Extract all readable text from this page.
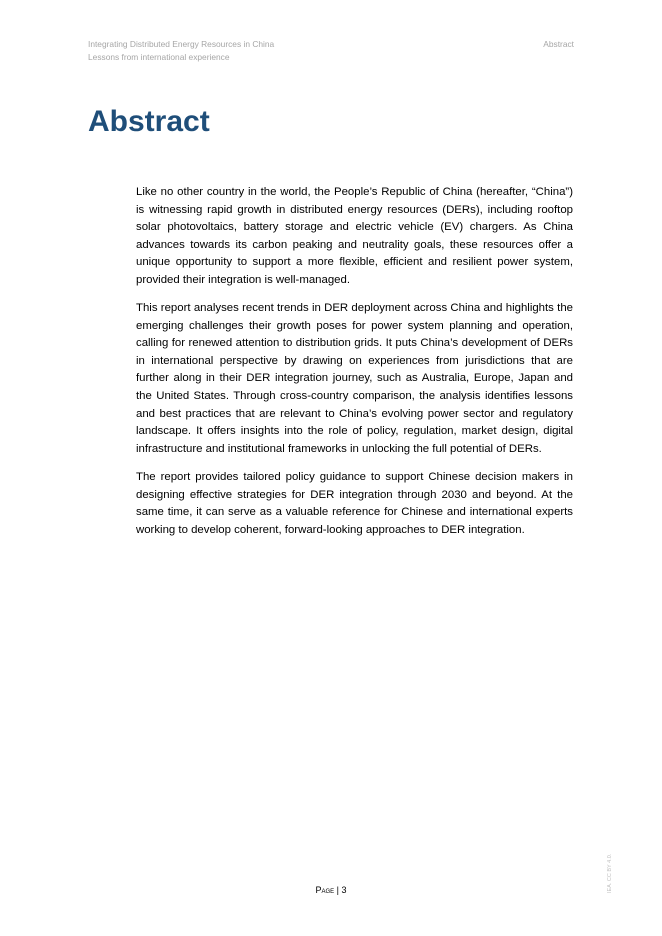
Integrating Distributed Energy Resources in China
Lessons from international experience
Abstract
Abstract

Like no other country in the world, the People’s Republic of China (hereafter, “China”) is witnessing rapid growth in distributed energy resources (DERs), including rooftop solar photovoltaics, battery storage and electric vehicle (EV) chargers. As China advances towards its carbon peaking and neutrality goals, these resources offer a unique opportunity to support a more flexible, efficient and resilient power system, provided their integration is well-managed.

This report analyses recent trends in DER deployment across China and highlights the emerging challenges their growth poses for power system planning and operation, calling for renewed attention to distribution grids. It puts China’s development of DERs in international perspective by drawing on experiences from jurisdictions that are further along in their DER integration journey, such as Australia, Europe, Japan and the United States. Through cross-country comparison, the analysis identifies lessons and best practices that are relevant to China’s evolving power sector and regulatory landscape. It offers insights into the role of policy, regulation, market design, digital infrastructure and institutional frameworks in unlocking the full potential of DERs.

The report provides tailored policy guidance to support Chinese decision makers in designing effective strategies for DER integration through 2030 and beyond. At the same time, it can serve as a valuable reference for Chinese and international experts working to develop coherent, forward-looking approaches to DER integration.

Page | 3	IEA. CC BY 4.0.
